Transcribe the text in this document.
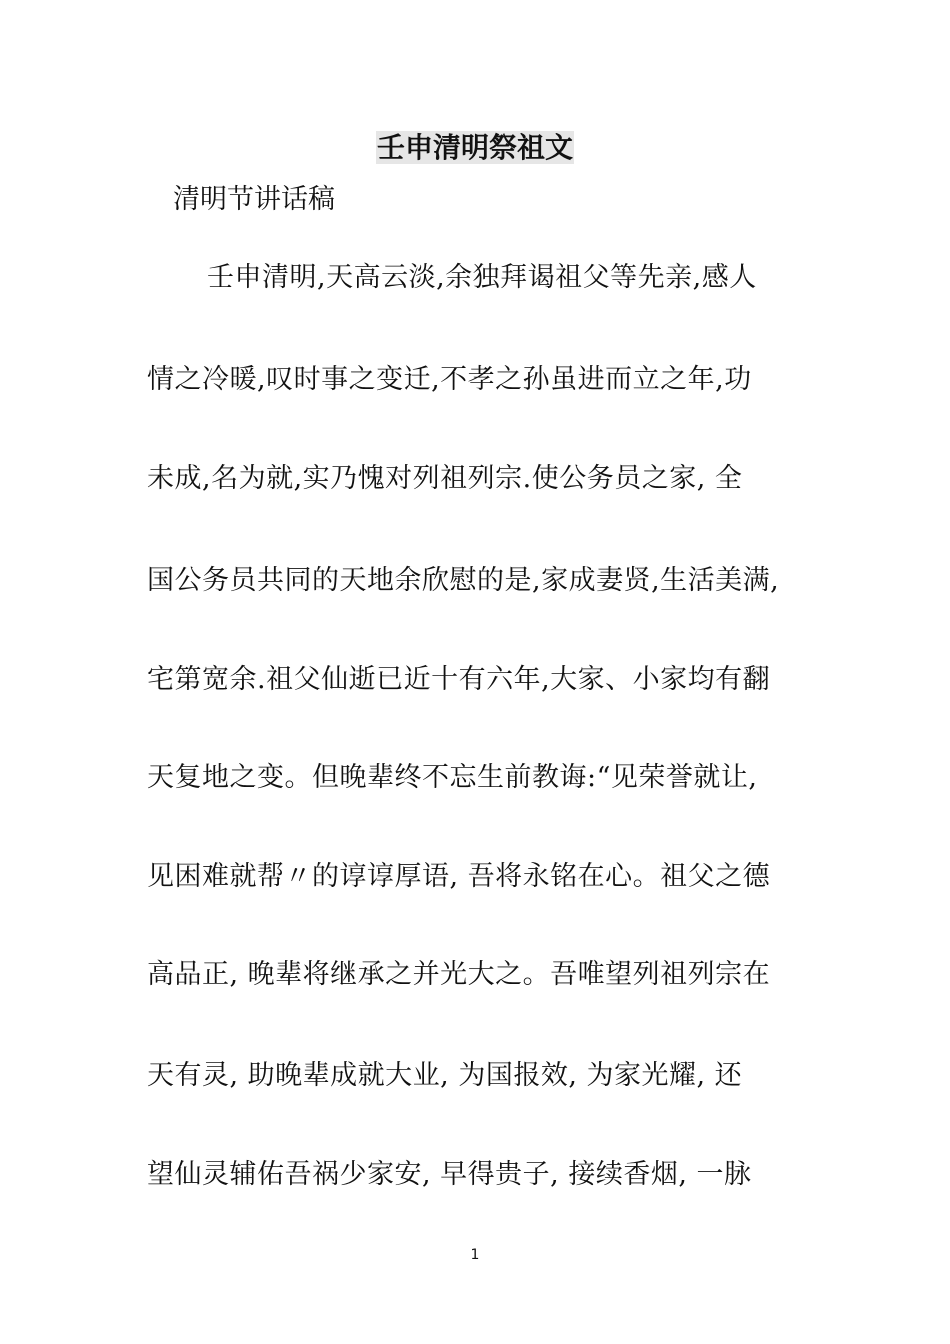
壬申清明祭祖文

清明节讲话稿

壬申清明,天高云淡,余独拜谒祖父等先亲,感人
情之冷暖,叹时事之变迁,不孝之孙虽进而立之年,功
未成,名为就,实乃愧对列祖列宗.使公务员之家, 全
国公务员共同的天地余欣慰的是,家成妻贤,生活美满,
宅第宽余.祖父仙逝已近十有六年,大家、小家均有翻
天复地之变。但晚辈终不忘生前教诲:“见荣誉就让,
见困难就帮〃的谆谆厚语, 吾将永铭在心。祖父之德
高品正, 晚辈将继承之并光大之。吾唯望列祖列宗在
天有灵, 助晚辈成就大业, 为国报效, 为家光耀, 还
望仙灵辅佑吾祸少家安, 早得贵子, 接续香烟, 一脉
1
